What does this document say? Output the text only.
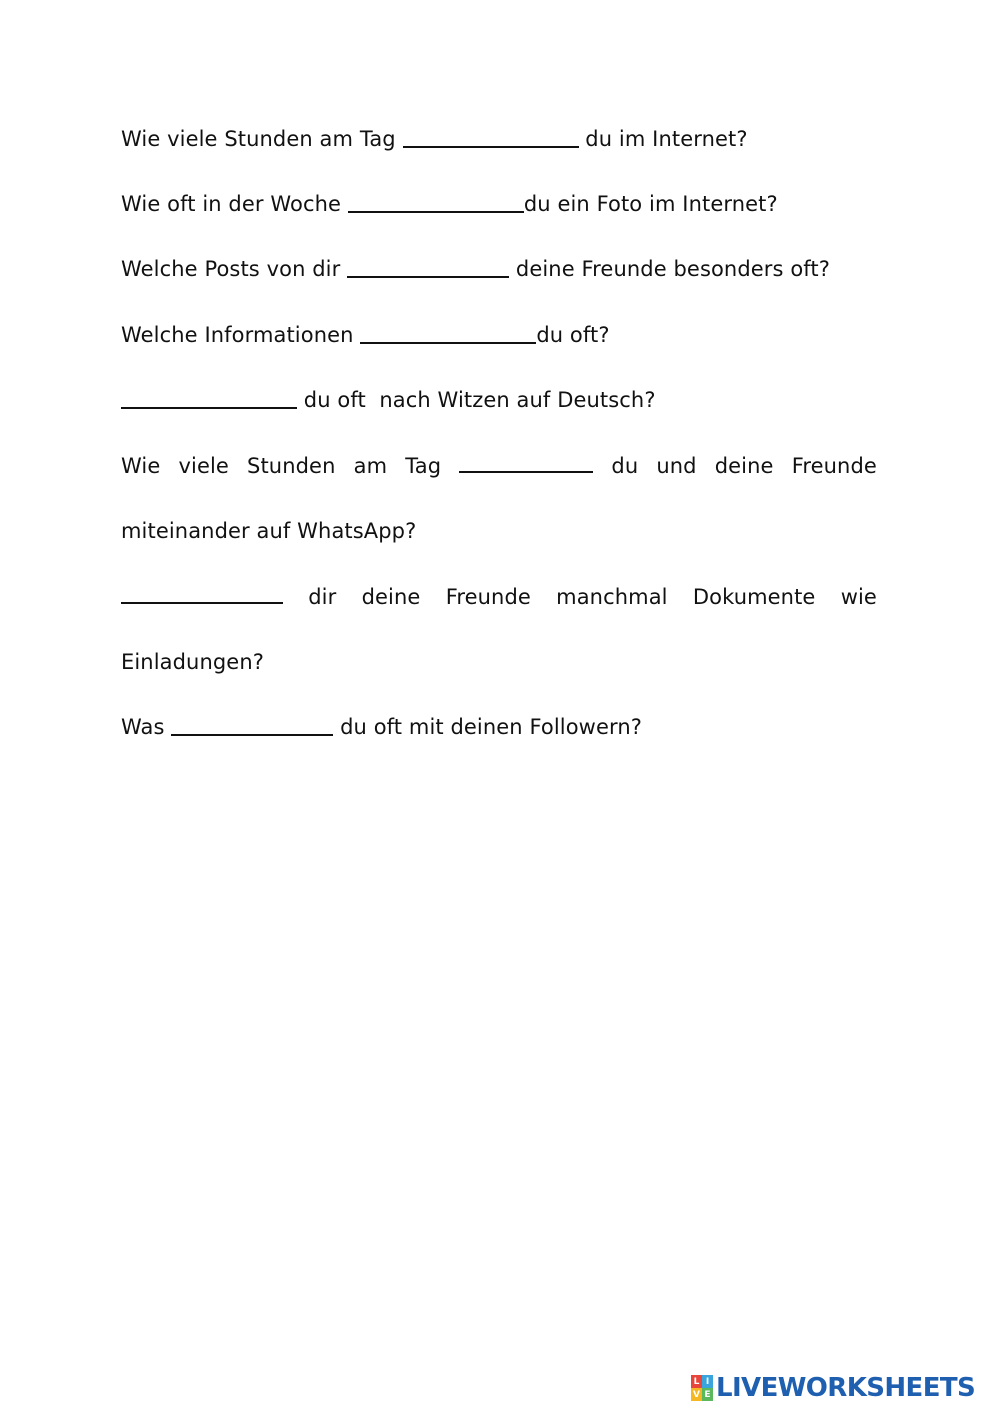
Wie viele Stunden am Tag	du im Internet?
Wie oft in der Woche	du ein Foto im Internet?
Welche Posts von dir	deine Freunde besonders oft?
Welche Informationen	du oft?
du oft  nach Witzen auf Deutsch?
Wie viele Stunden am Tag	du und deine Freunde
miteinander auf WhatsApp?
dir deine Freunde manchmal Dokumente wie
Einladungen?
Was	du oft mit deinen Followern?
L I
V E LIVEWORKSHEETS
